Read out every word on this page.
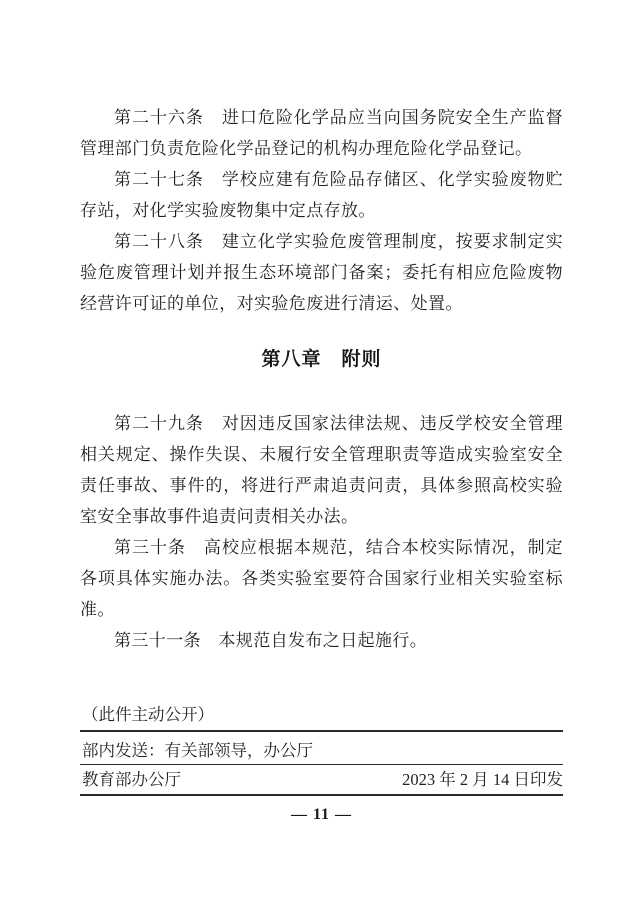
第二十六条　进口危险化学品应当向国务院安全生产监督管理部门负责危险化学品登记的机构办理危险化学品登记。

第二十七条　学校应建有危险品存储区、化学实验废物贮存站，对化学实验废物集中定点存放。

第二十八条　建立化学实验危废管理制度，按要求制定实验危废管理计划并报生态环境部门备案；委托有相应危险废物经营许可证的单位，对实验危废进行清运、处置。

第八章　附则

第二十九条　对因违反国家法律法规、违反学校安全管理相关规定、操作失误、未履行安全管理职责等造成实验室安全责任事故、事件的，将进行严肃追责问责，具体参照高校实验室安全事故事件追责问责相关办法。

第三十条　高校应根据本规范，结合本校实际情况，制定各项具体实施办法。各类实验室要符合国家行业相关实验室标准。

第三十一条　本规范自发布之日起施行。

（此件主动公开）
部内发送：有关部领导，办公厅
教育部办公厅	2023 年 2 月 14 日印发
— 11 —
